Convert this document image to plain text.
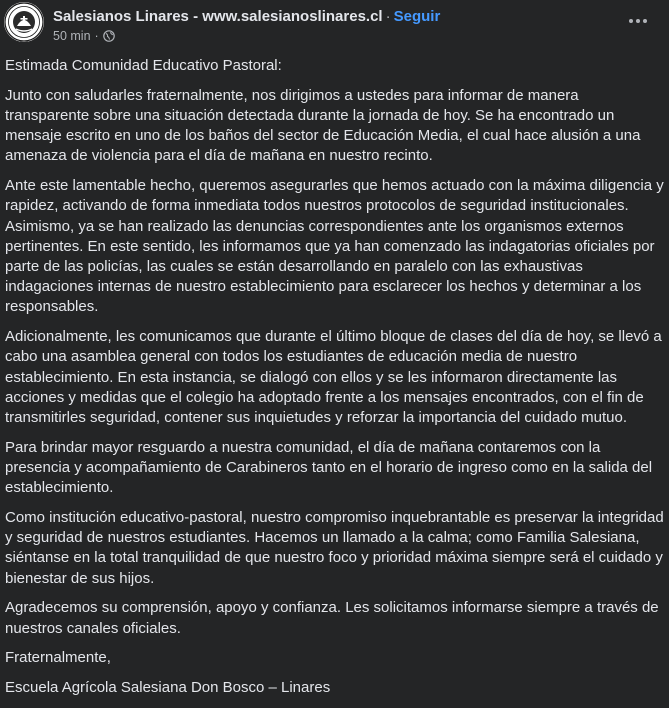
Salesianos Linares - www.salesianoslinares.cl · Seguir
50 min ·

Estimada Comunidad Educativo Pastoral:

Junto con saludarles fraternalmente, nos dirigimos a ustedes para informar de manera transparente sobre una situación detectada durante la jornada de hoy. Se ha encontrado un mensaje escrito en uno de los baños del sector de Educación Media, el cual hace alusión a una amenaza de violencia para el día de mañana en nuestro recinto.

Ante este lamentable hecho, queremos asegurarles que hemos actuado con la máxima diligencia y rapidez, activando de forma inmediata todos nuestros protocolos de seguridad institucionales. Asimismo, ya se han realizado las denuncias correspondientes ante los organismos externos pertinentes. En este sentido, les informamos que ya han comenzado las indagatorias oficiales por parte de las policías, las cuales se están desarrollando en paralelo con las exhaustivas indagaciones internas de nuestro establecimiento para esclarecer los hechos y determinar a los responsables.

Adicionalmente, les comunicamos que durante el último bloque de clases del día de hoy, se llevó a cabo una asamblea general con todos los estudiantes de educación media de nuestro establecimiento. En esta instancia, se dialogó con ellos y se les informaron directamente las acciones y medidas que el colegio ha adoptado frente a los mensajes encontrados, con el fin de transmitirles seguridad, contener sus inquietudes y reforzar la importancia del cuidado mutuo.

Para brindar mayor resguardo a nuestra comunidad, el día de mañana contaremos con la presencia y acompañamiento de Carabineros tanto en el horario de ingreso como en la salida del establecimiento.

Como institución educativo-pastoral, nuestro compromiso inquebrantable es preservar la integridad y seguridad de nuestros estudiantes. Hacemos un llamado a la calma; como Familia Salesiana, siéntanse en la total tranquilidad de que nuestro foco y prioridad máxima siempre será el cuidado y bienestar de sus hijos.

Agradecemos su comprensión, apoyo y confianza. Les solicitamos informarse siempre a través de nuestros canales oficiales.

Fraternalmente,

Escuela Agrícola Salesiana Don Bosco – Linares
